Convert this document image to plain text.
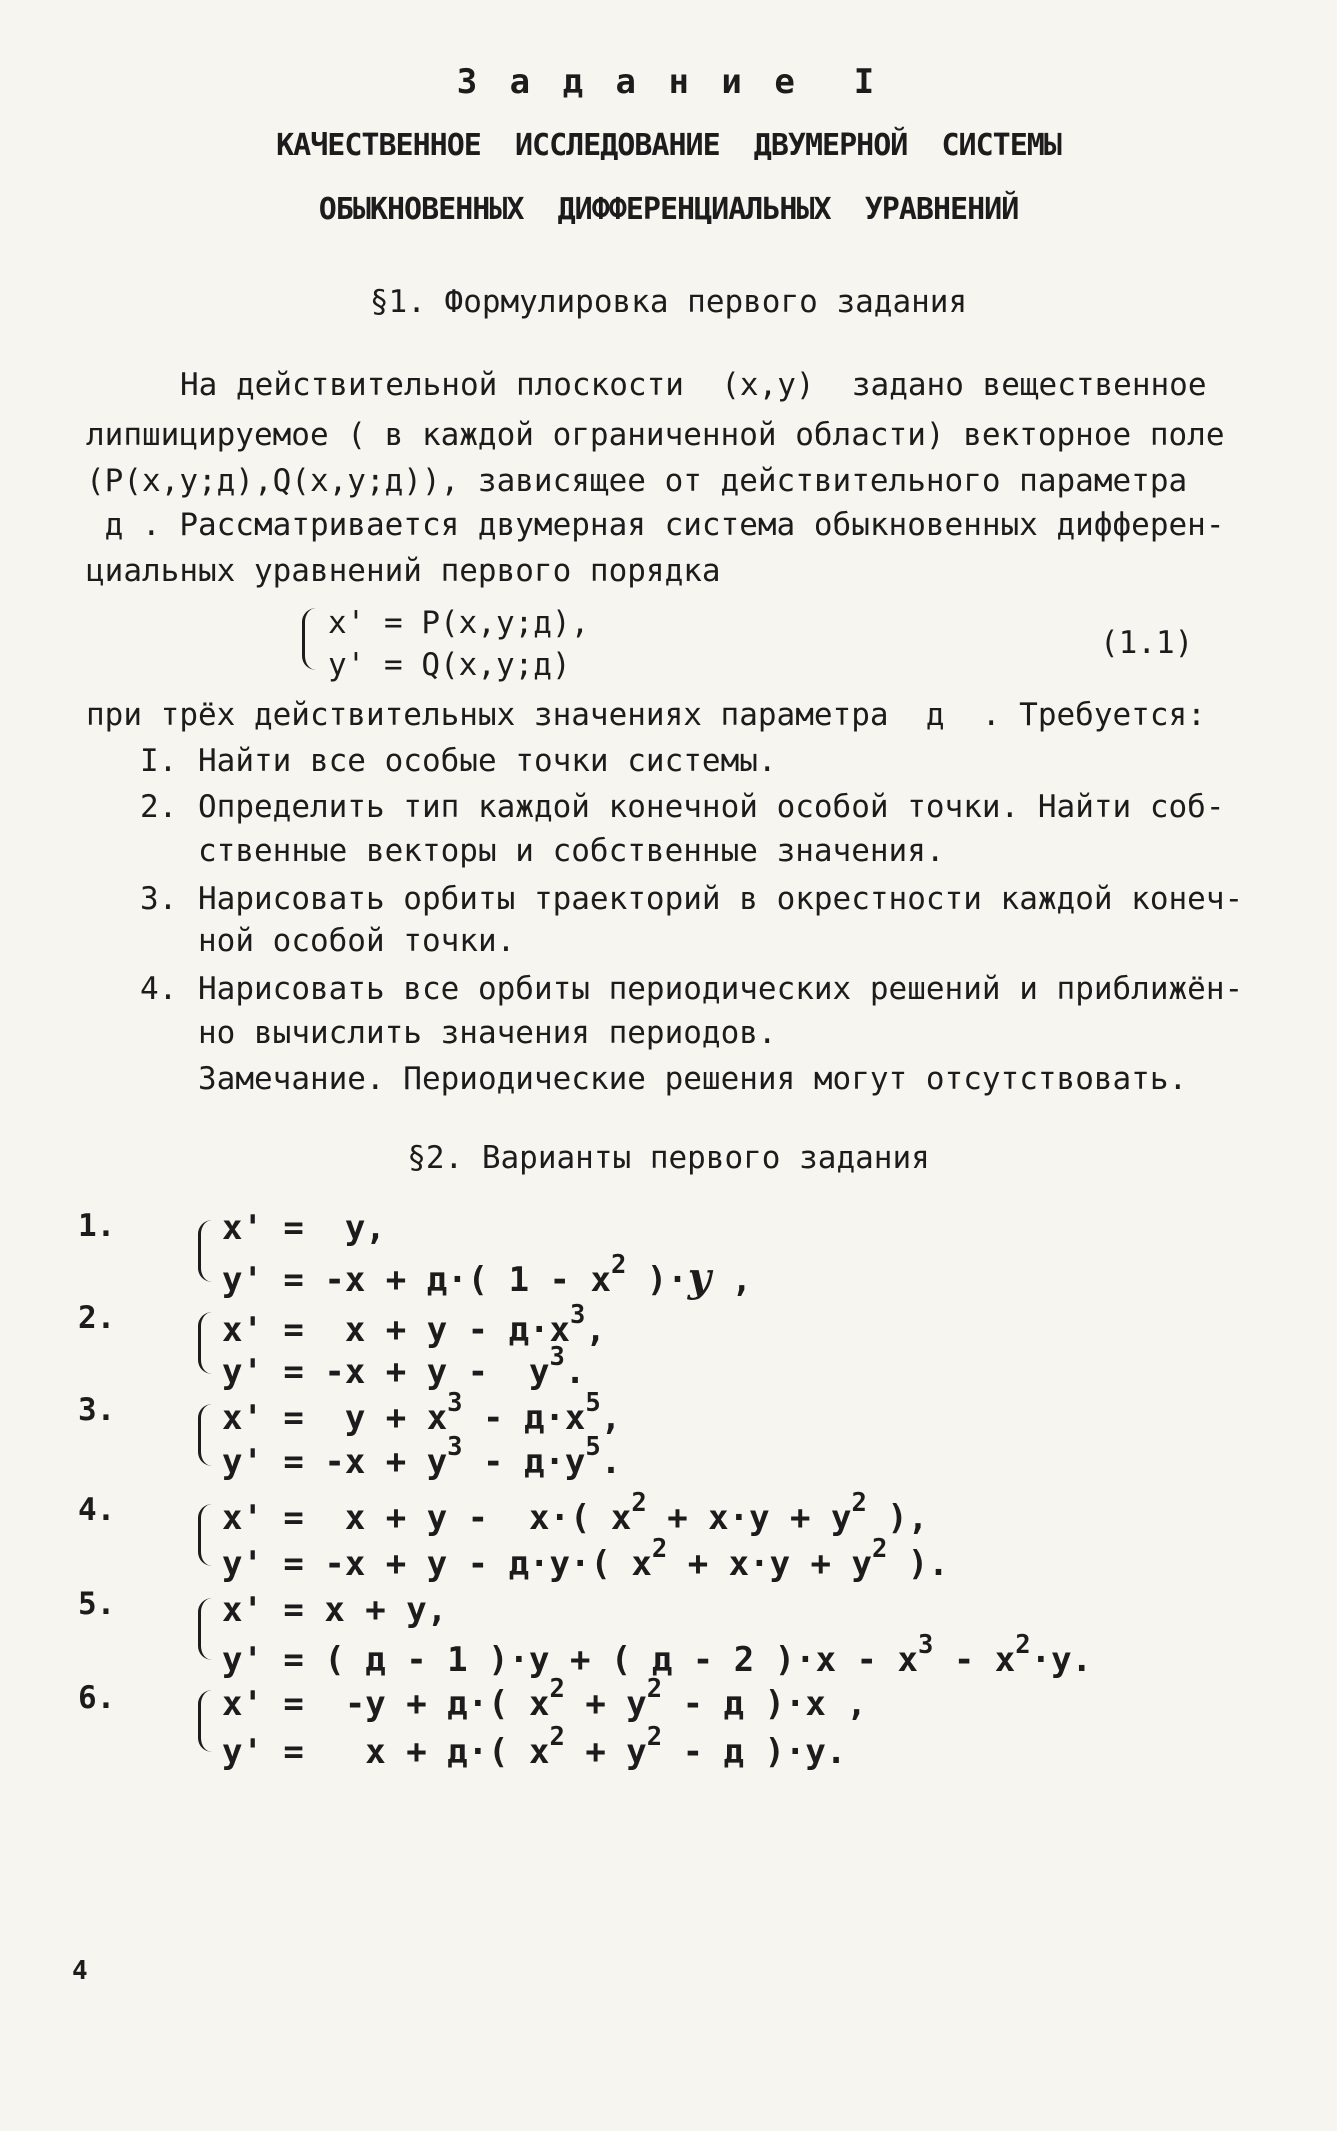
З а д а н и е  I
КАЧЕСТВЕННОЕ  ИССЛЕДОВАНИЕ  ДВУМЕРНОЙ  СИСТЕМЫ
ОБЫКНОВЕННЫХ  ДИФФЕРЕНЦИАЛЬНЫХ  УРАВНЕНИЙ
§1. Формулировка первого задания
На действительной плоскости  (x,y)  задано вещественное
липшицируемое ( в каждой ограниченной области) векторное поле
(P(x,y;д),Q(x,y;д)), зависящее от действительного параметра
д . Рассматривается двумерная система обыкновенных дифферен-
циальных уравнений первого порядка
x' = P(x,y;д),
y' = Q(x,y;д)
(1.1)
при трёх действительных значениях параметра  д  . Требуется:
I. Найти все особые точки системы.
2. Определить тип каждой конечной особой точки. Найти соб-
ственные векторы и собственные значения.
3. Нарисовать орбиты траекторий в окрестности каждой конеч-
ной особой точки.
4. Нарисовать все орбиты периодических решений и приближён-
но вычислить значения периодов.
Замечание. Периодические решения могут отсутствовать.
§2. Варианты первого задания
1.	x' =  y,
y' = -x + д·( $1 - x^2$ )·y ,
2.	$x' = x + y - д\cdot x^3$,
$y' = -x + y - y^3$.
3.	$x' = y + x^3 - д\cdot x^5$,
$y' = -x + y^3 - д\cdot y^5$.
4.	x' =  x + y -  x·( $x^2 + x\cdot y + y^2$ ),
y' = -x + y - д·y·( $x^2 + x\cdot y + y^2$ ).
5.	x' = x + y,
y' = ( д - 1 )·y + ( д - 2 )$\cdot x - x^3 - x^2\cdot y$.
6.	x' =  -y + д·( $x^2 + y^2 - д$ )·x ,
y' =   x + д·( $x^2 + y^2 - д$ )·y.
4
